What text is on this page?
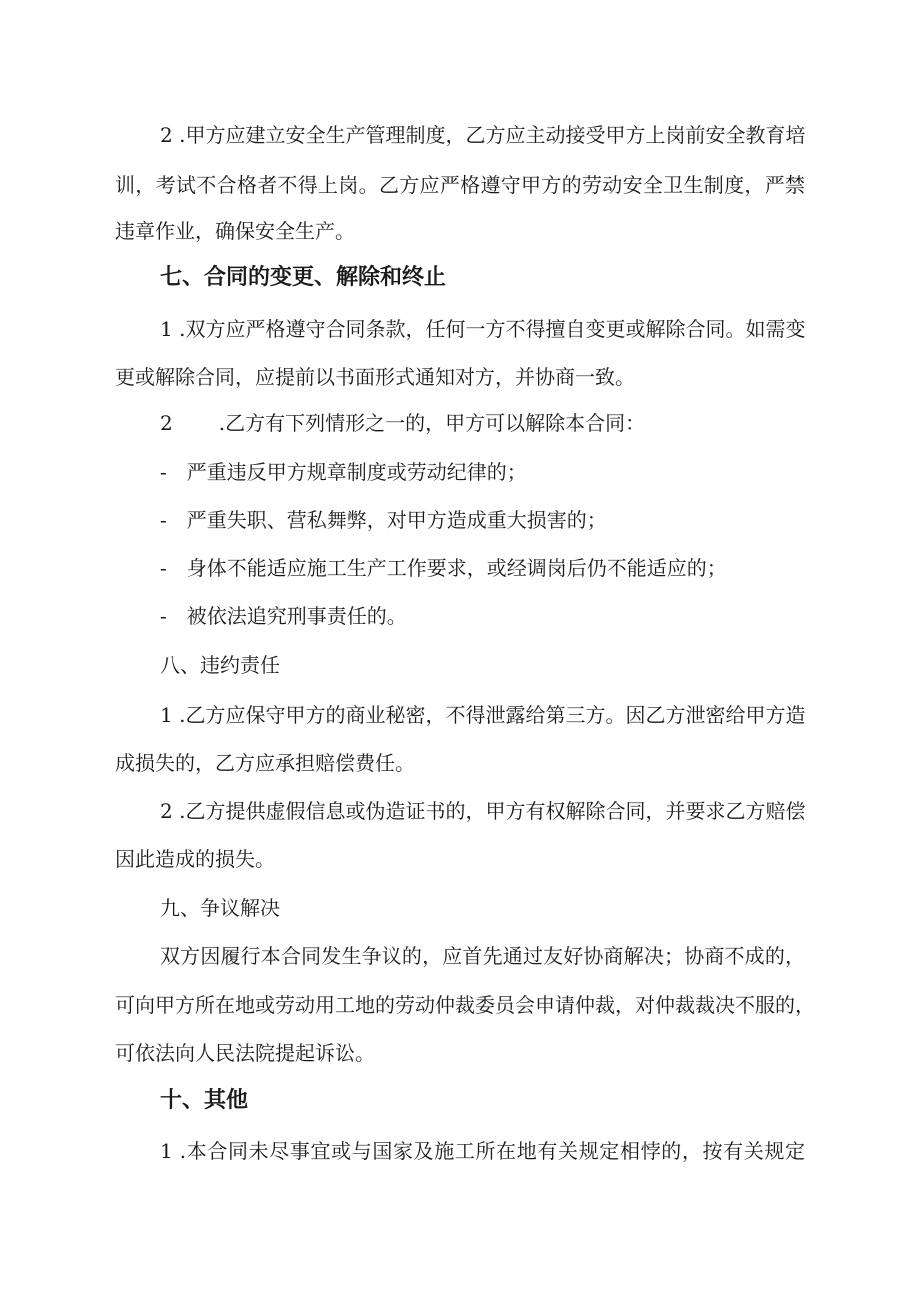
2 .甲方应建立安全生产管理制度，乙方应主动接受甲方上岗前安全教育培
训，考试不合格者不得上岗。乙方应严格遵守甲方的劳动安全卫生制度，严禁
违章作业，确保安全生产。
七、合同的变更、解除和终止
1 .双方应严格遵守合同条款，任何一方不得擅自变更或解除合同。如需变
更或解除合同，应提前以书面形式通知对方，并协商一致。
2 .乙方有下列情形之一的，甲方可以解除本合同：
-　严重违反甲方规章制度或劳动纪律的；
-　严重失职、营私舞弊，对甲方造成重大损害的；
-　身体不能适应施工生产工作要求，或经调岗后仍不能适应的；
-　被依法追究刑事责任的。
八、违约责任
1 .乙方应保守甲方的商业秘密，不得泄露给第三方。因乙方泄密给甲方造
成损失的，乙方应承担赔偿费任。
2 .乙方提供虚假信息或伪造证书的，甲方有权解除合同，并要求乙方赔偿
因此造成的损失。
九、争议解决
双方因履行本合同发生争议的，应首先通过友好协商解决；协商不成的，
可向甲方所在地或劳动用工地的劳动仲裁委员会申请仲裁，对仲裁裁决不服的，
可依法向人民法院提起诉讼。
十、其他
1 .本合同未尽事宜或与国家及施工所在地有关规定相悖的，按有关规定
